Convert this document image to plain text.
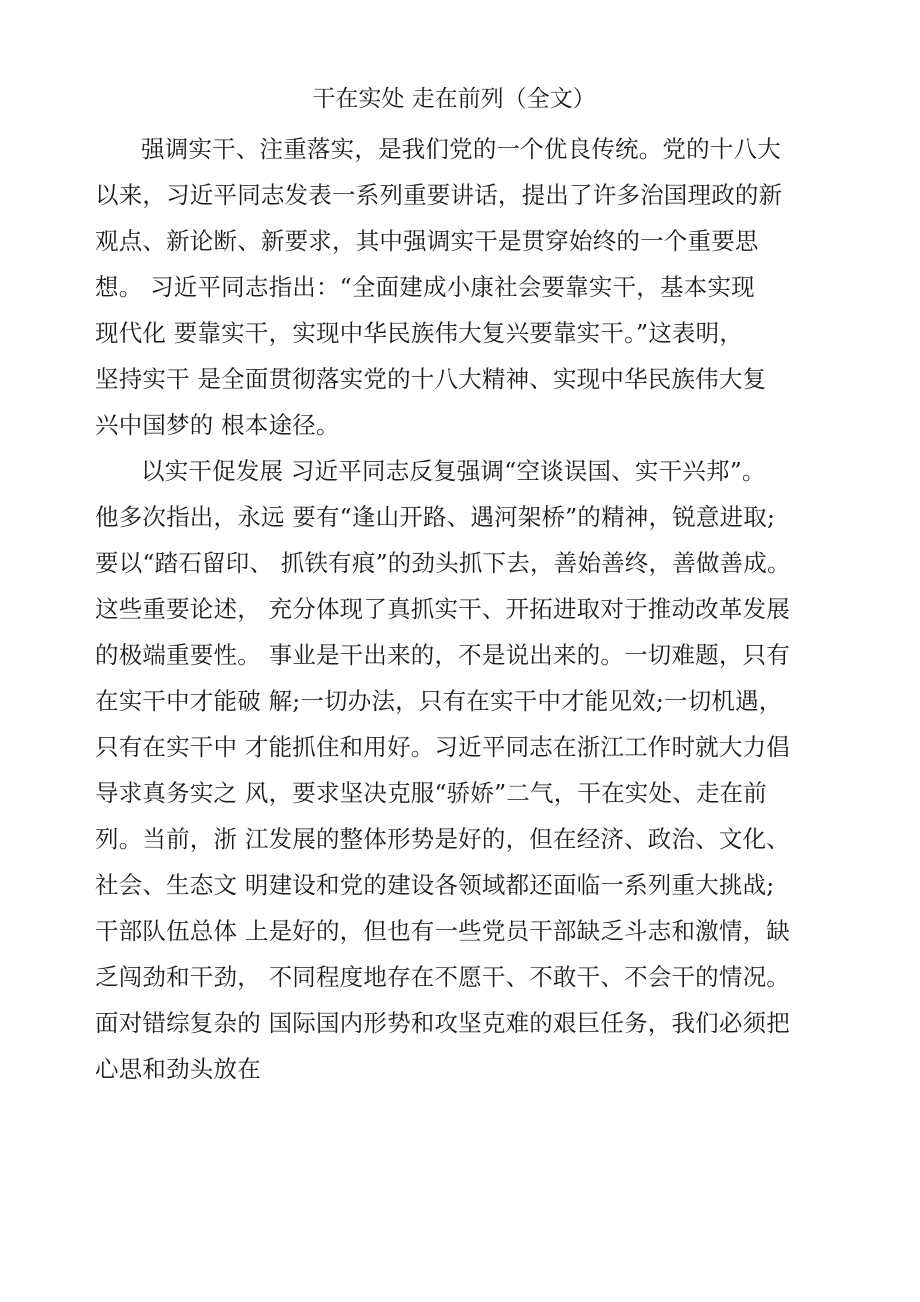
干在实处 走在前列（全文）
强调实干、注重落实，是我们党的一个优良传统。党的十八大
以来，习近平同志发表一系列重要讲话，提出了许多治国理政的新
观点、新论断、新要求，其中强调实干是贯穿始终的一个重要思
想。 习近平同志指出：“全面建成小康社会要靠实干，基本实现
现代化 要靠实干，实现中华民族伟大复兴要靠实干。”这表明，
坚持实干 是全面贯彻落实党的十八大精神、实现中华民族伟大复
兴中国梦的 根本途径。
以实干促发展 习近平同志反复强调“空谈误国、实干兴邦”。
他多次指出，永远 要有“逢山开路、遇河架桥”的精神，锐意进取;
要以“踏石留印、 抓铁有痕”的劲头抓下去，善始善终，善做善成。
这些重要论述， 充分体现了真抓实干、开拓进取对于推动改革发展
的极端重要性。 事业是干出来的，不是说出来的。一切难题，只有
在实干中才能破 解;一切办法，只有在实干中才能见效;一切机遇，
只有在实干中 才能抓住和用好。习近平同志在浙江工作时就大力倡
导求真务实之 风，要求坚决克服“骄娇”二气，干在实处、走在前
列。当前，浙 江发展的整体形势是好的，但在经济、政治、文化、
社会、生态文 明建设和党的建设各领域都还面临一系列重大挑战;
干部队伍总体 上是好的，但也有一些党员干部缺乏斗志和激情，缺
乏闯劲和干劲， 不同程度地存在不愿干、不敢干、不会干的情况。
面对错综复杂的 国际国内形势和攻坚克难的艰巨任务，我们必须把
心思和劲头放在
